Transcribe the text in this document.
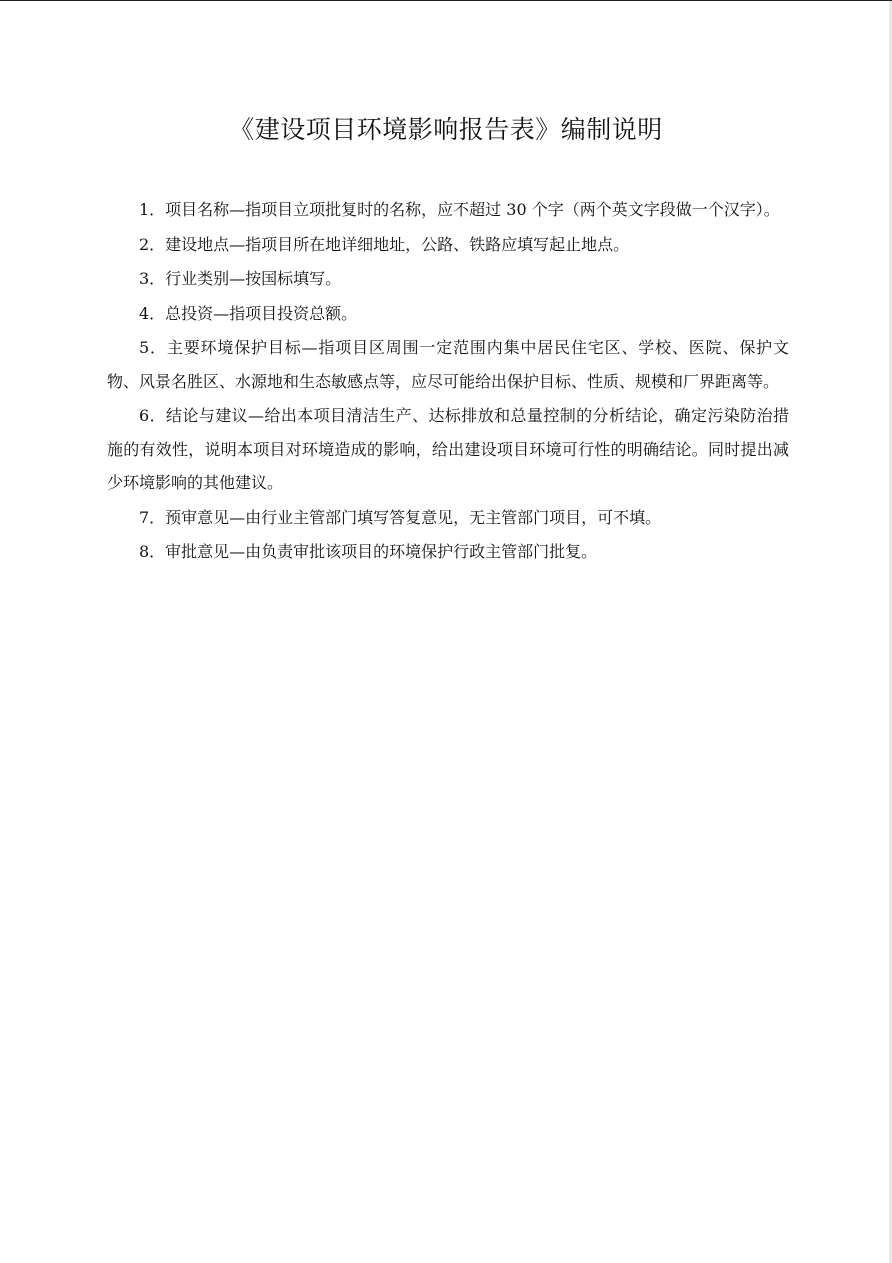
《建设项目环境影响报告表》编制说明

1．项目名称—指项目立项批复时的名称，应不超过 30 个字（两个英文字段做一个汉字）。

2．建设地点—指项目所在地详细地址，公路、铁路应填写起止地点。

3．行业类别—按国标填写。

4．总投资—指项目投资总额。

5．主要环境保护目标—指项目区周围一定范围内集中居民住宅区、学校、医院、保护文物、风景名胜区、水源地和生态敏感点等，应尽可能给出保护目标、性质、规模和厂界距离等。

6．结论与建议—给出本项目清洁生产、达标排放和总量控制的分析结论，确定污染防治措施的有效性，说明本项目对环境造成的影响，给出建设项目环境可行性的明确结论。同时提出减少环境影响的其他建议。

7．预审意见—由行业主管部门填写答复意见，无主管部门项目，可不填。

8．审批意见—由负责审批该项目的环境保护行政主管部门批复。
